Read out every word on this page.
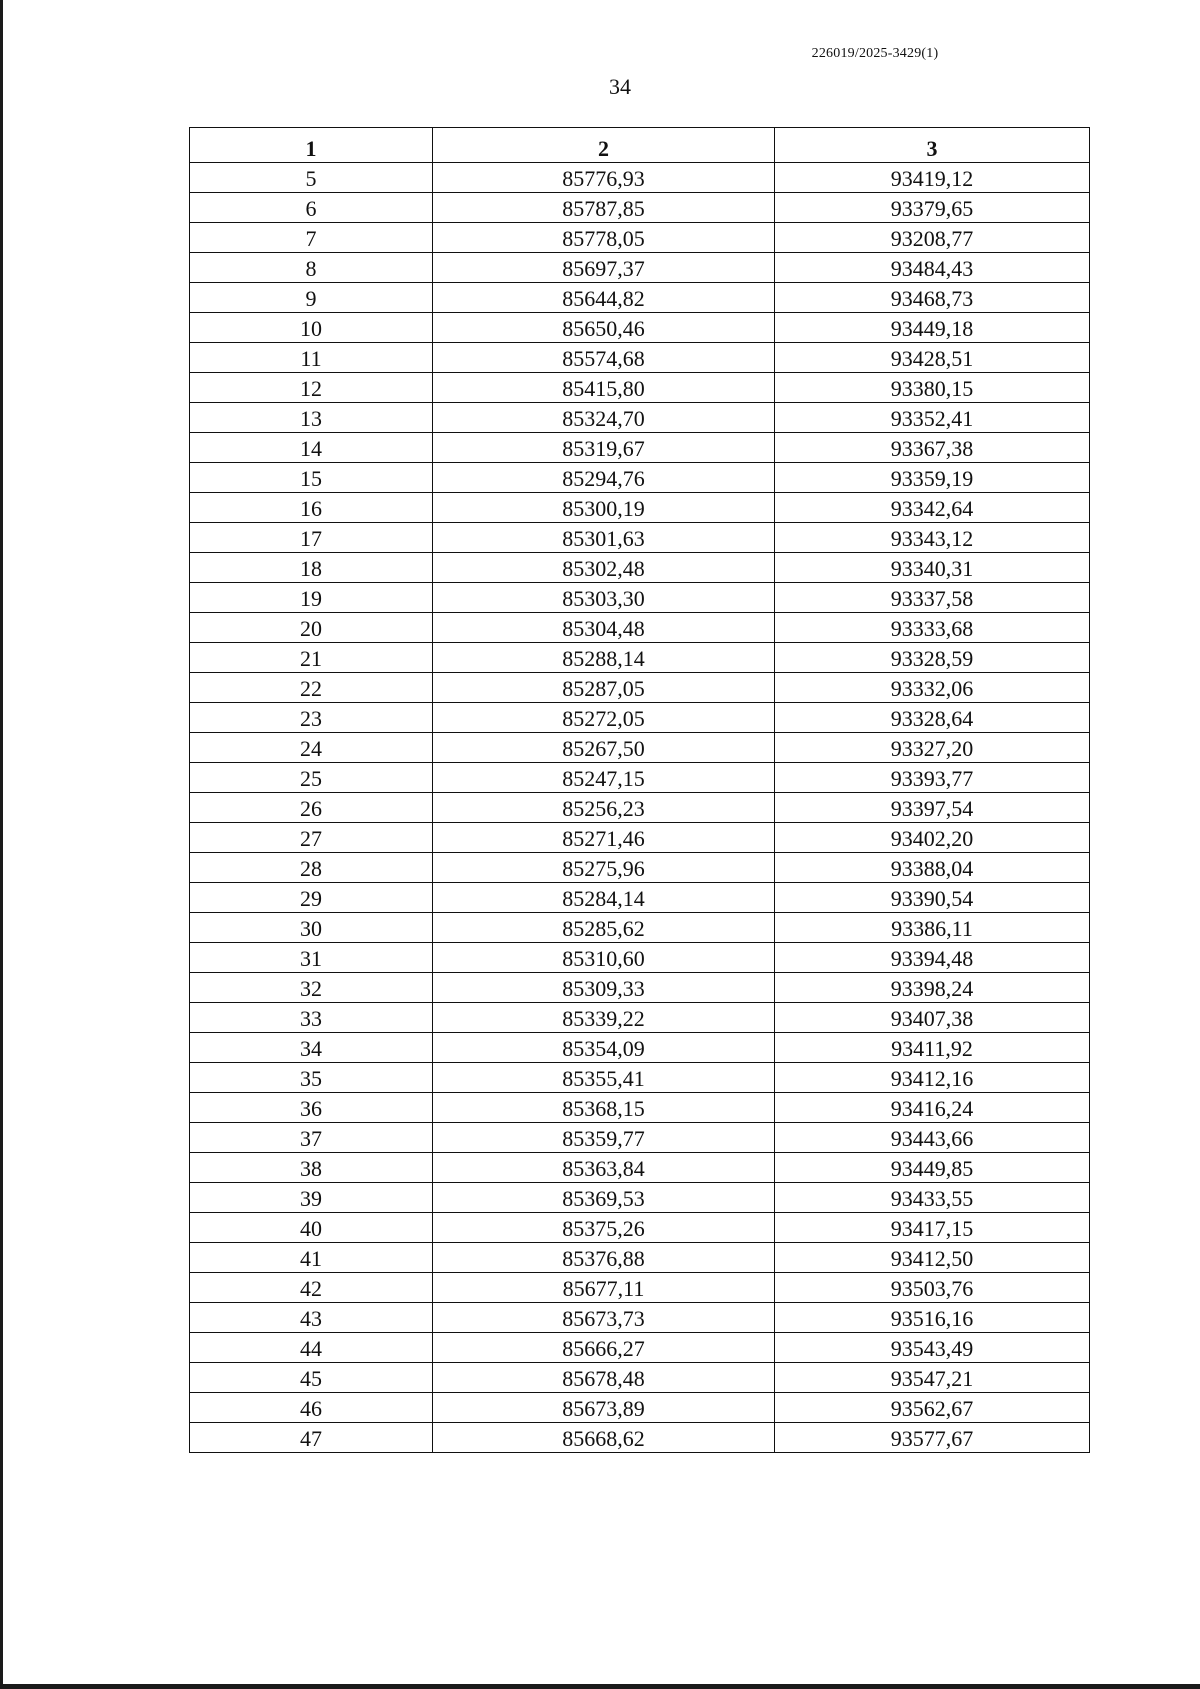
226019/2025-3429(1)
34
1	2	3
5	85776,93	93419,12
6	85787,85	93379,65
7	85778,05	93208,77
8	85697,37	93484,43
9	85644,82	93468,73
10	85650,46	93449,18
11	85574,68	93428,51
12	85415,80	93380,15
13	85324,70	93352,41
14	85319,67	93367,38
15	85294,76	93359,19
16	85300,19	93342,64
17	85301,63	93343,12
18	85302,48	93340,31
19	85303,30	93337,58
20	85304,48	93333,68
21	85288,14	93328,59
22	85287,05	93332,06
23	85272,05	93328,64
24	85267,50	93327,20
25	85247,15	93393,77
26	85256,23	93397,54
27	85271,46	93402,20
28	85275,96	93388,04
29	85284,14	93390,54
30	85285,62	93386,11
31	85310,60	93394,48
32	85309,33	93398,24
33	85339,22	93407,38
34	85354,09	93411,92
35	85355,41	93412,16
36	85368,15	93416,24
37	85359,77	93443,66
38	85363,84	93449,85
39	85369,53	93433,55
40	85375,26	93417,15
41	85376,88	93412,50
42	85677,11	93503,76
43	85673,73	93516,16
44	85666,27	93543,49
45	85678,48	93547,21
46	85673,89	93562,67
47	85668,62	93577,67
